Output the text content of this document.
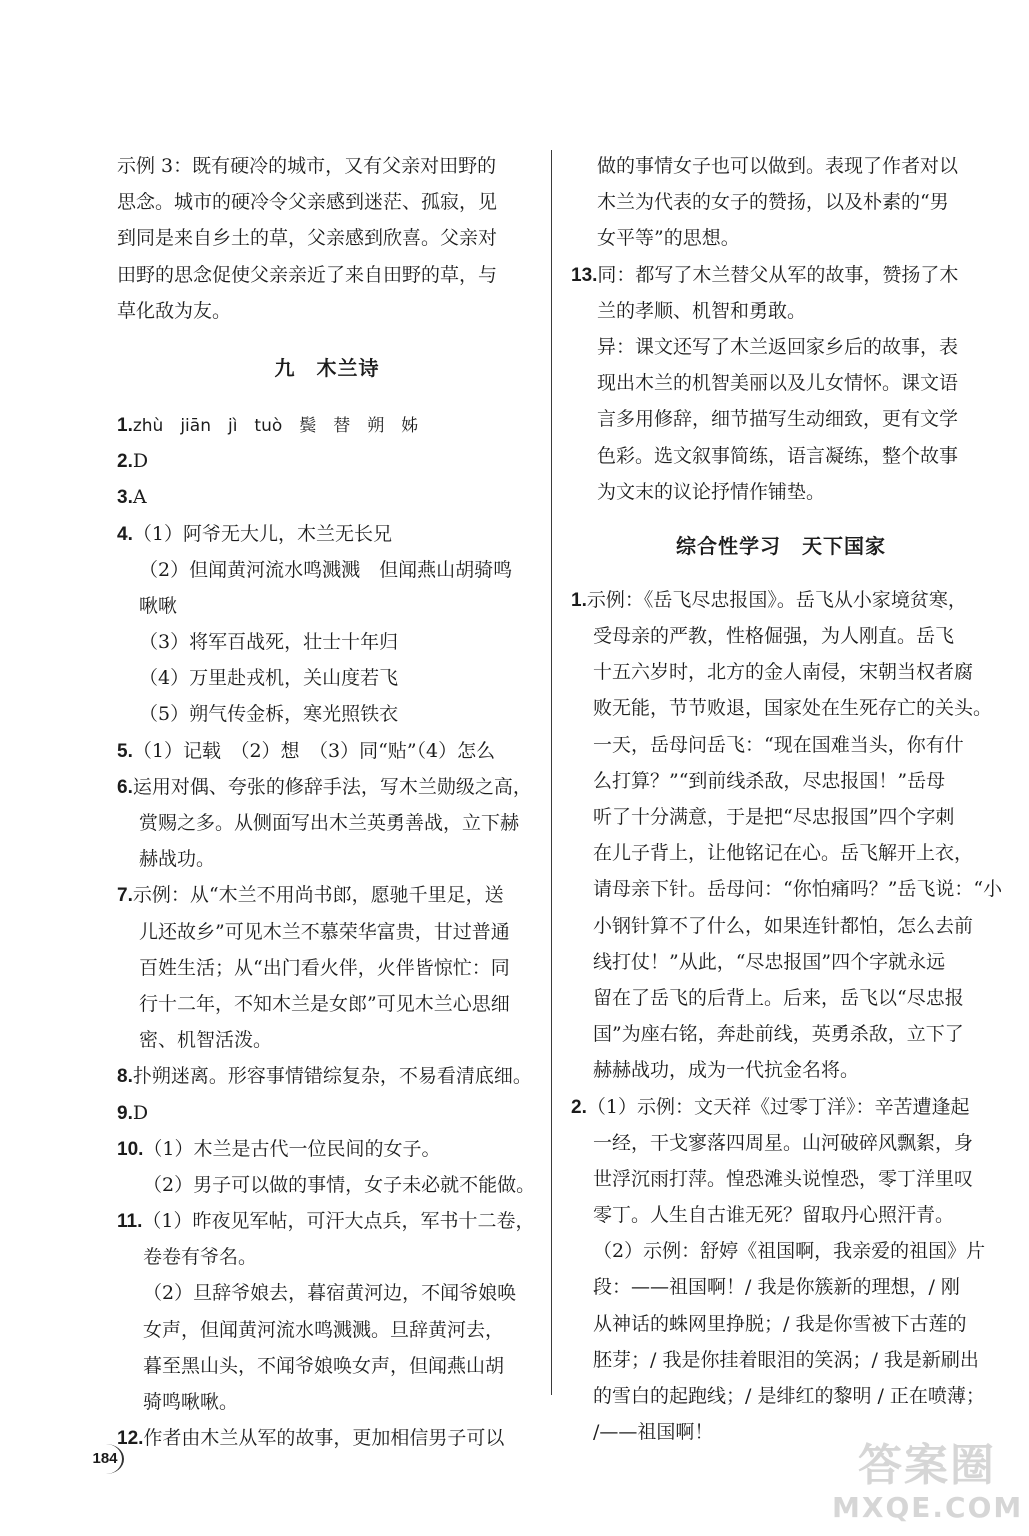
示例 3：既有硬冷的城市，又有父亲对田野的
思念。城市的硬冷令父亲感到迷茫、孤寂，见
到同是来自乡土的草，父亲感到欣喜。父亲对
田野的思念促使父亲亲近了来自田野的草，与
草化敌为友。
九　木兰诗
1.zhù　jiān　jì　tuò　鬓　替　朔　姊
2.D
3.A
4.（1）阿爷无大儿，木兰无长兄
（2）但闻黄河流水鸣溅溅　但闻燕山胡骑鸣
啾啾
（3）将军百战死，壮士十年归
（4）万里赴戎机，关山度若飞
（5）朔气传金柝，寒光照铁衣
5.（1）记载　（2）想　（3）同“贴”（4）怎么
6.运用对偶、夸张的修辞手法，写木兰勋级之高，
赏赐之多。从侧面写出木兰英勇善战，立下赫
赫战功。
7.示例：从“木兰不用尚书郎，愿驰千里足，送
儿还故乡”可见木兰不慕荣华富贵，甘过普通
百姓生活；从“出门看火伴，火伴皆惊忙：同
行十二年，不知木兰是女郎”可见木兰心思细
密、机智活泼。
8.扑朔迷离。形容事情错综复杂，不易看清底细。
9.D
10.（1）木兰是古代一位民间的女子。
（2）男子可以做的事情，女子未必就不能做。
11.（1）昨夜见军帖，可汗大点兵，军书十二卷，
卷卷有爷名。
（2）旦辞爷娘去，暮宿黄河边，不闻爷娘唤
女声，但闻黄河流水鸣溅溅。旦辞黄河去，
暮至黑山头，不闻爷娘唤女声，但闻燕山胡
骑鸣啾啾。
12.作者由木兰从军的故事，更加相信男子可以
做的事情女子也可以做到。表现了作者对以
木兰为代表的女子的赞扬，以及朴素的“男
女平等”的思想。
13.同：都写了木兰替父从军的故事，赞扬了木
兰的孝顺、机智和勇敢。
异：课文还写了木兰返回家乡后的故事，表
现出木兰的机智美丽以及儿女情怀。课文语
言多用修辞，细节描写生动细致，更有文学
色彩。选文叙事简练，语言凝练，整个故事
为文末的议论抒情作铺垫。
综合性学习　天下国家
1.示例：《岳飞尽忠报国》。岳飞从小家境贫寒，
受母亲的严教，性格倔强，为人刚直。岳飞
十五六岁时，北方的金人南侵，宋朝当权者腐
败无能，节节败退，国家处在生死存亡的关头。
一天，岳母问岳飞：“现在国难当头，你有什
么打算？”“到前线杀敌，尽忠报国！”岳母
听了十分满意，于是把“尽忠报国”四个字刺
在儿子背上，让他铭记在心。岳飞解开上衣，
请母亲下针。岳母问：“你怕痛吗？”岳飞说：“小
小钢针算不了什么，如果连针都怕，怎么去前
线打仗！”从此，“尽忠报国”四个字就永远
留在了岳飞的后背上。后来，岳飞以“尽忠报
国”为座右铭，奔赴前线，英勇杀敌，立下了
赫赫战功，成为一代抗金名将。
2.（1）示例：文天祥《过零丁洋》：辛苦遭逢起
一经，干戈寥落四周星。山河破碎风飘絮，身
世浮沉雨打萍。惶恐滩头说惶恐，零丁洋里叹
零丁。人生自古谁无死？留取丹心照汗青。
（2）示例：舒婷《祖国啊，我亲爱的祖国》片
段：——祖国啊！/ 我是你簇新的理想，/ 刚
从神话的蛛网里挣脱；/ 我是你雪被下古莲的
胚芽；/ 我是你挂着眼泪的笑涡；/ 我是新刷出
的雪白的起跑线；/ 是绯红的黎明 / 正在喷薄；
/——祖国啊！
184	答案圈
MXQE.COM
